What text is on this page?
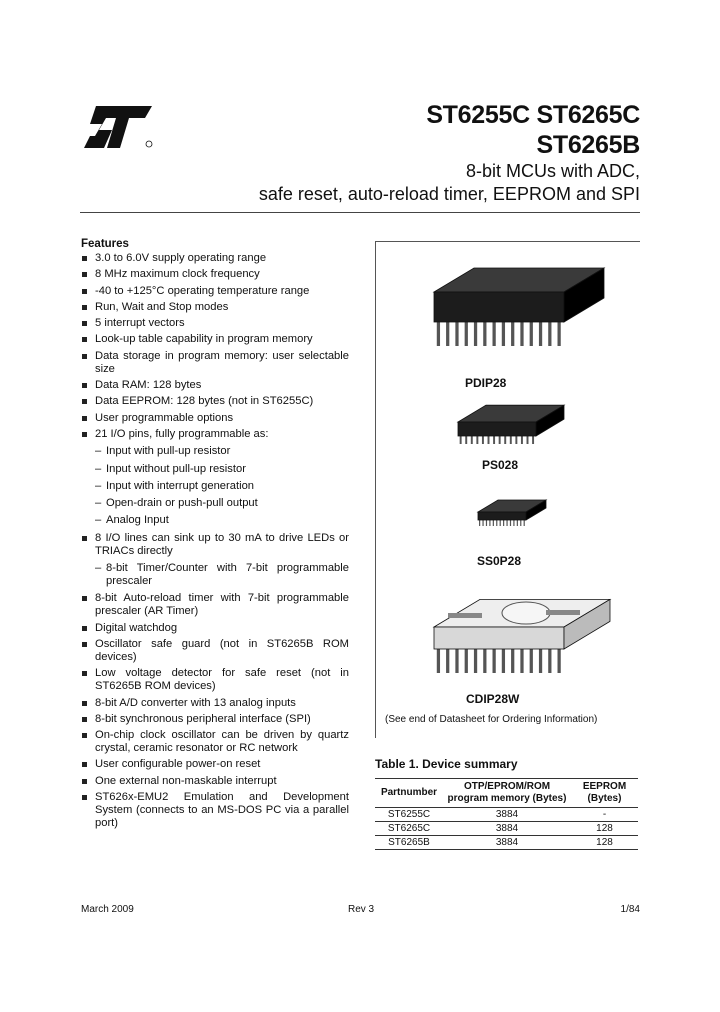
ST6255C ST6265C
ST6265B
8-bit MCUs with ADC,
safe reset, auto-reload timer, EEPROM and SPI
Features
3.0 to 6.0V supply operating range
8 MHz maximum clock frequency
-40 to +125°C operating temperature range
Run, Wait and Stop modes
5 interrupt vectors
Look-up table capability in program memory
Data storage in program memory: user selectable size
Data RAM: 128 bytes
Data EEPROM: 128 bytes (not in ST6255C)
User programmable options
21 I/O pins, fully programmable as:
– Input with pull-up resistor
– Input without pull-up resistor
– Input with interrupt generation
– Open-drain or push-pull output
– Analog Input
8 I/O lines can sink up to 30 mA to drive LEDs or TRIACs directly
– 8-bit Timer/Counter with 7-bit programmable prescaler
8-bit Auto-reload timer with 7-bit programmable prescaler (AR Timer)
Digital watchdog
Oscillator safe guard (not in ST6265B ROM devices)
Low voltage detector for safe reset (not in ST6265B ROM devices)
8-bit A/D converter with 13 analog inputs
8-bit synchronous peripheral interface (SPI)
On-chip clock oscillator can be driven by quartz crystal, ceramic resonator or RC network
User configurable power-on reset
One external non-maskable interrupt
ST626x-EMU2 Emulation and Development System (connects to an MS-DOS PC via a parallel port)
PDIP28
PS028
SS0P28
CDIP28W
(See end of Datasheet for Ordering Information)
Table 1. Device summary
Partnumber	OTP/EPROM/ROM program memory (Bytes)	EEPROM (Bytes)
ST6255C	3884	-
ST6265C	3884	128
ST6265B	3884	128
March 2009	Rev 3	1/84
